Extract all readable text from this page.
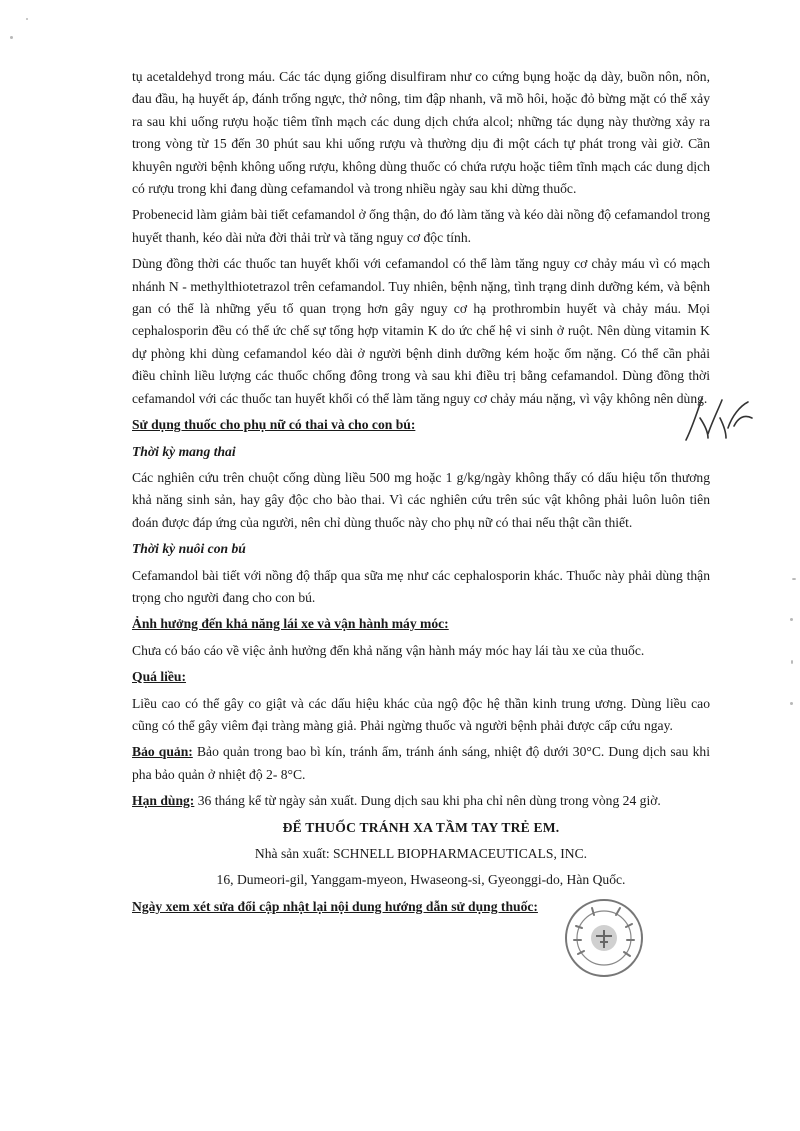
tụ acetaldehyd trong máu. Các tác dụng giống disulfiram như co cứng bụng hoặc dạ dày, buồn nôn, nôn, đau đầu, hạ huyết áp, đánh trống ngực, thở nông, tim đập nhanh, vã mồ hôi, hoặc đỏ bừng mặt có thể xảy ra sau khi uống rượu hoặc tiêm tĩnh mạch các dung dịch chứa alcol; những tác dụng này thường xảy ra trong vòng từ 15 đến 30 phút sau khi uống rượu và thường dịu đi một cách tự phát trong vài giờ. Cần khuyên người bệnh không uống rượu, không dùng thuốc có chứa rượu hoặc tiêm tĩnh mạch các dung dịch có rượu trong khi đang dùng cefamandol và trong nhiều ngày sau khi dừng thuốc.

Probenecid làm giảm bài tiết cefamandol ở ống thận, do đó làm tăng và kéo dài nồng độ cefamandol trong huyết thanh, kéo dài nửa đời thải trừ và tăng nguy cơ độc tính.

Dùng đồng thời các thuốc tan huyết khối với cefamandol có thể làm tăng nguy cơ chảy máu vì có mạch nhánh N - methylthiotetrazol trên cefamandol. Tuy nhiên, bệnh nặng, tình trạng dinh dưỡng kém, và bệnh gan có thể là những yếu tố quan trọng hơn gây nguy cơ hạ prothrombin huyết và chảy máu. Mọi cephalosporin đều có thể ức chế sự tổng hợp vitamin K do ức chế hệ vi sinh ở ruột. Nên dùng vitamin K dự phòng khi dùng cefamandol kéo dài ở người bệnh dinh dưỡng kém hoặc ốm nặng. Có thể cần phải điều chỉnh liều lượng các thuốc chống đông trong và sau khi điều trị bằng cefamandol. Dùng đồng thời cefamandol với các thuốc tan huyết khối có thể làm tăng nguy cơ chảy máu nặng, vì vậy không nên dùng.

Sử dụng thuốc cho phụ nữ có thai và cho con bú:

Thời kỳ mang thai

Các nghiên cứu trên chuột cống dùng liều 500 mg hoặc 1 g/kg/ngày không thấy có dấu hiệu tổn thương khả năng sinh sản, hay gây độc cho bào thai. Vì các nghiên cứu trên súc vật không phải luôn luôn tiên đoán được đáp ứng của người, nên chỉ dùng thuốc này cho phụ nữ có thai nếu thật cần thiết.

Thời kỳ nuôi con bú

Cefamandol bài tiết với nồng độ thấp qua sữa mẹ như các cephalosporin khác. Thuốc này phải dùng thận trọng cho người đang cho con bú.

Ảnh hưởng đến khả năng lái xe và vận hành máy móc:

Chưa có báo cáo về việc ảnh hưởng đến khả năng vận hành máy móc hay lái tàu xe của thuốc.

Quá liều:

Liều cao có thể gây co giật và các dấu hiệu khác của ngộ độc hệ thần kinh trung ương. Dùng liều cao cũng có thể gây viêm đại tràng màng giả. Phải ngừng thuốc và người bệnh phải được cấp cứu ngay.

Bảo quản: Bảo quản trong bao bì kín, tránh ẩm, tránh ánh sáng, nhiệt độ dưới 30°C. Dung dịch sau khi pha bảo quản ở nhiệt độ 2- 8°C.

Hạn dùng: 36 tháng kể từ ngày sản xuất. Dung dịch sau khi pha chỉ nên dùng trong vòng 24 giờ.

ĐỂ THUỐC TRÁNH XA TẦM TAY TRẺ EM.

Nhà sản xuất: SCHNELL BIOPHARMACEUTICALS, INC.

16, Dumeori-gil, Yanggam-myeon, Hwaseong-si, Gyeonggi-do, Hàn Quốc.

Ngày xem xét sửa đổi cập nhật lại nội dung hướng dẫn sử dụng thuốc:
